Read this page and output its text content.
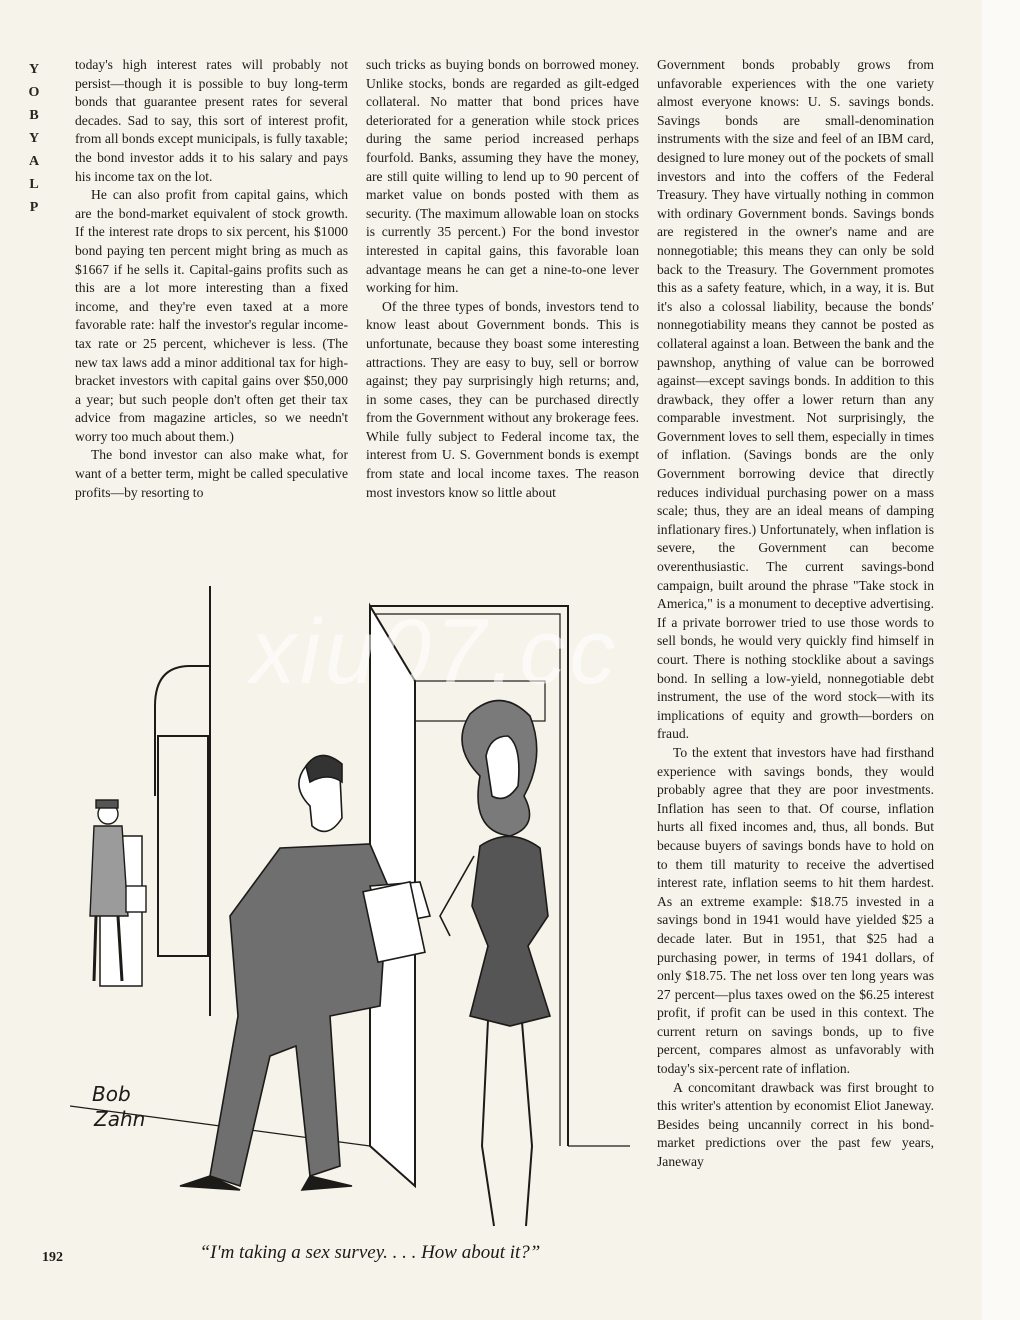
Y
O
B
Y
A
L
P

today's high interest rates will probably not persist—though it is possible to buy long-term bonds that guarantee present rates for several decades. Sad to say, this sort of interest profit, from all bonds except municipals, is fully taxable; the bond investor adds it to his salary and pays his income tax on the lot.

He can also profit from capital gains, which are the bond-market equivalent of stock growth. If the interest rate drops to six percent, his $1000 bond paying ten percent might bring as much as $1667 if he sells it. Capital-gains profits such as this are a lot more interesting than a fixed income, and they're even taxed at a more favorable rate: half the investor's regular income-tax rate or 25 percent, whichever is less. (The new tax laws add a minor additional tax for high-bracket investors with capital gains over $50,000 a year; but such people don't often get their tax advice from magazine articles, so we needn't worry too much about them.)

The bond investor can also make what, for want of a better term, might be called speculative profits—by resorting to

such tricks as buying bonds on borrowed money. Unlike stocks, bonds are regarded as gilt-edged collateral. No matter that bond prices have deteriorated for a generation while stock prices during the same period increased perhaps fourfold. Banks, assuming they have the money, are still quite willing to lend up to 90 percent of market value on bonds posted with them as security. (The maximum allowable loan on stocks is currently 35 percent.) For the bond investor interested in capital gains, this favorable loan advantage means he can get a nine-to-one lever working for him.

Of the three types of bonds, investors tend to know least about Government bonds. This is unfortunate, because they boast some interesting attractions. They are easy to buy, sell or borrow against; they pay surprisingly high returns; and, in some cases, they can be purchased directly from the Government without any brokerage fees. While fully subject to Federal income tax, the interest from U. S. Government bonds is exempt from state and local income taxes. The reason most investors know so little about

Government bonds probably grows from unfavorable experiences with the one variety almost everyone knows: U. S. savings bonds. Savings bonds are small-denomination instruments with the size and feel of an IBM card, designed to lure money out of the pockets of small investors and into the coffers of the Federal Treasury. They have virtually nothing in common with ordinary Government bonds. Savings bonds are registered in the owner's name and are nonnegotiable; this means they can only be sold back to the Treasury. The Government promotes this as a safety feature, which, in a way, it is. But it's also a colossal liability, because the bonds' nonnegotiability means they cannot be posted as collateral against a loan. Between the bank and the pawnshop, anything of value can be borrowed against—except savings bonds. In addition to this drawback, they offer a lower return than any comparable investment. Not surprisingly, the Government loves to sell them, especially in times of inflation. (Savings bonds are the only Government borrowing device that directly reduces individual purchasing power on a mass scale; thus, they are an ideal means of damping inflationary fires.) Unfortunately, when inflation is severe, the Government can become overenthusiastic. The current savings-bond campaign, built around the phrase "Take stock in America," is a monument to deceptive advertising. If a private borrower tried to use those words to sell bonds, he would very quickly find himself in court. There is nothing stocklike about a savings bond. In selling a low-yield, nonnegotiable debt instrument, the use of the word stock—with its implications of equity and growth—borders on fraud.

To the extent that investors have had firsthand experience with savings bonds, they would probably agree that they are poor investments. Inflation has seen to that. Of course, inflation hurts all fixed incomes and, thus, all bonds. But because buyers of savings bonds have to hold on to them till maturity to receive the advertised interest rate, inflation seems to hit them hardest. As an extreme example: $18.75 invested in a savings bond in 1941 would have yielded $25 a decade later. But in 1951, that $25 had a purchasing power, in terms of 1941 dollars, of only $18.75. The net loss over ten long years was 27 percent—plus taxes owed on the $6.25 interest profit, if profit can be used in this context. The current return on savings bonds, up to five percent, compares almost as unfavorably with today's six-percent rate of inflation.

A concomitant drawback was first brought to this writer's attention by economist Eliot Janeway. Besides being uncannily correct in his bond-market predictions over the past few years, Janeway

Bob
Zahn
“I'm taking a sex survey. . . . How about it?”
192
xiu07.cc
